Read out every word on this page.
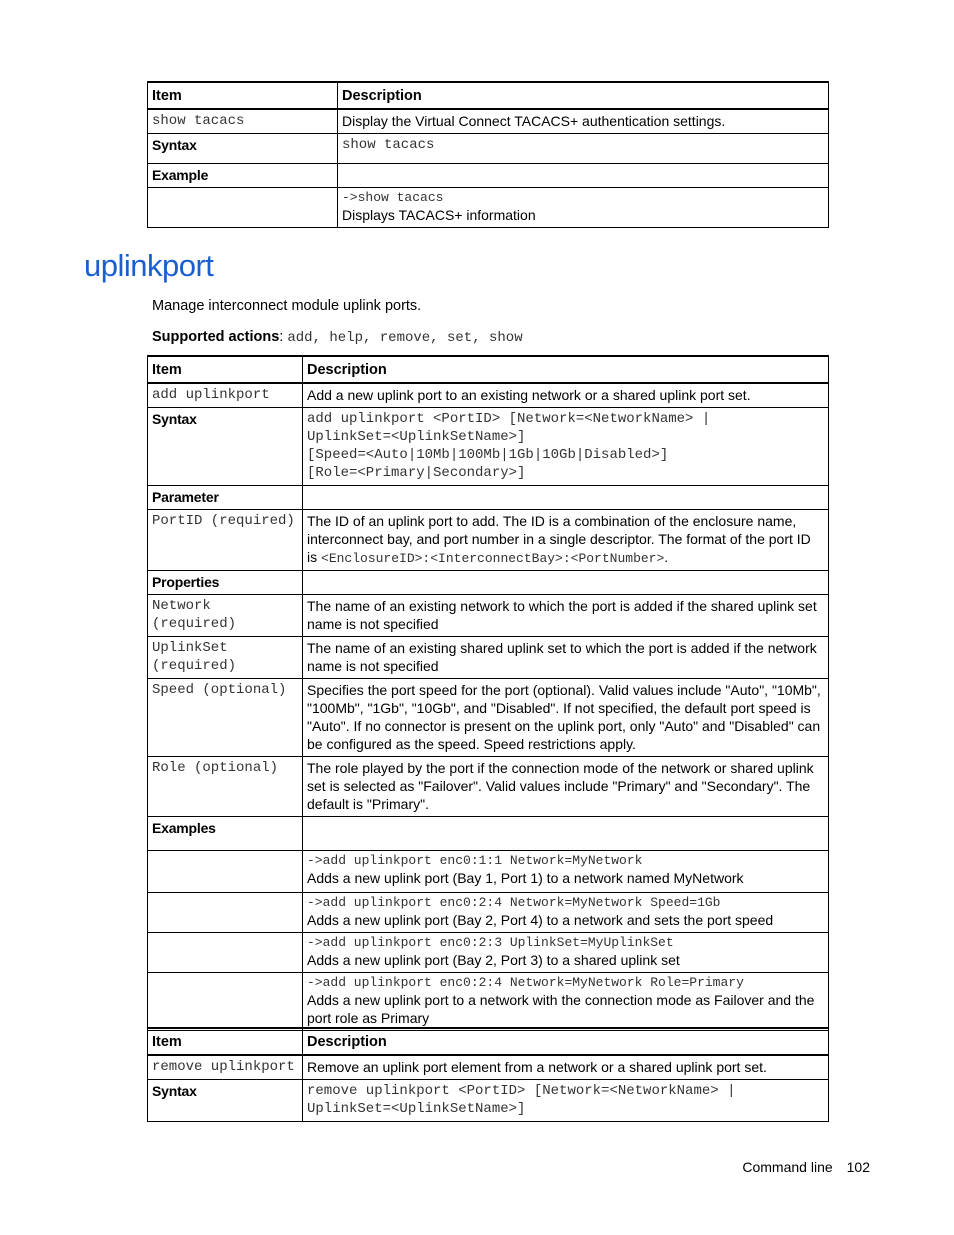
Item	Description
show tacacs	Display the Virtual Connect TACACS+ authentication settings.
Syntax	show tacacs
Example	

	->show tacacs
Displays TACACS+ information
uplinkport

Manage interconnect module uplink ports.

Supported actions: add, help, remove, set, show

Item	Description
add uplinkport	Add a new uplink port to an existing network or a shared uplink port set.
Syntax	add uplinkport <PortID> [Network=<NetworkName> |
UplinkSet=<UplinkSetName>]
[Speed=<Auto|10Mb|100Mb|1Gb|10Gb|Disabled>]
[Role=<Primary|Secondary>]

Parameter	
PortID (required)	The ID of an uplink port to add. The ID is a combination of the enclosure name, interconnect bay, and port number in a single descriptor. The format of the port ID is <EnclosureID>:<InterconnectBay>:<PortNumber>.
Properties	

Network
(required)	The name of an existing network to which the port is added if the shared uplink set name is not specified

UplinkSet
(required)	The name of an existing shared uplink set to which the port is added if the network name is not specified
Speed (optional)	Specifies the port speed for the port (optional). Valid values include "Auto", "10Mb", "100Mb", "1Gb", "10Gb", and "Disabled". If not specified, the default port speed is "Auto". If no connector is present on the uplink port, only "Auto" and "Disabled" can be configured as the speed. Speed restrictions apply.
Role (optional)	The role played by the port if the connection mode of the network or shared uplink set is selected as "Failover". Valid values include "Primary" and "Secondary". The default is "Primary".
Examples	

	->add uplinkport enc0:1:1 Network=MyNetwork
Adds a new uplink port (Bay 1, Port 1) to a network named MyNetwork

	->add uplinkport enc0:2:4 Network=MyNetwork Speed=1Gb
Adds a new uplink port (Bay 2, Port 4) to a network and sets the port speed

	->add uplinkport enc0:2:3 UplinkSet=MyUplinkSet
Adds a new uplink port (Bay 2, Port 3) to a shared uplink set

	->add uplinkport enc0:2:4 Network=MyNetwork Role=Primary
Adds a new uplink port to a network with the connection mode as Failover and the port role as Primary
Item	Description
remove uplinkport	Remove an uplink port element from a network or a shared uplink port set.
Syntax	remove uplinkport <PortID> [Network=<NetworkName> |
UplinkSet=<UplinkSetName>]
Command line 102
